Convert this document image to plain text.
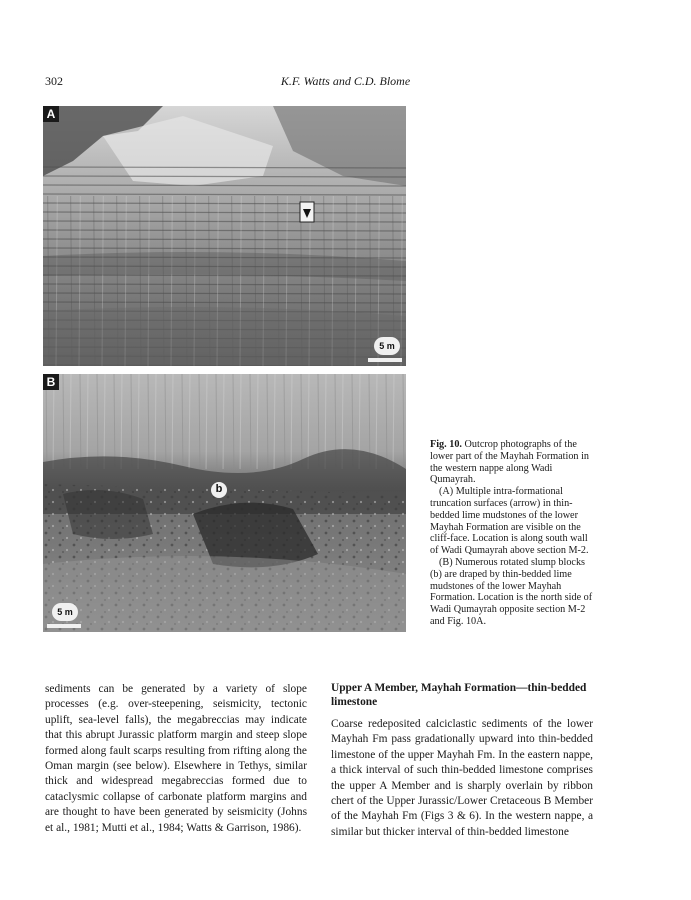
302	K.F. Watts and C.D. Blome
A
5 m
B
b
5 m

Fig. 10. Outcrop photographs of the lower part of the Mayhah Formation in the western nappe along Wadi Qumayrah.

(A) Multiple intra-formational truncation surfaces (arrow) in thin-bedded lime mudstones of the lower Mayhah Formation are visible on the cliff-face. Location is along south wall of Wadi Qumayrah above section M-2.

(B) Numerous rotated slump blocks (b) are draped by thin-bedded lime mudstones of the lower Mayhah Formation. Location is the north side of Wadi Qumayrah opposite section M-2 and Fig. 10A.

sediments can be generated by a variety of slope processes (e.g. over-steepening, seismicity, tectonic uplift, sea-level falls), the megabreccias may indicate that this abrupt Jurassic platform margin and steep slope formed along fault scarps resulting from rifting along the Oman margin (see below). Elsewhere in Tethys, similar thick and widespread megabreccias formed due to cataclysmic collapse of carbonate platform margins and are thought to have been generated by seismicity (Johns et al., 1981; Mutti et al., 1984; Watts & Garrison, 1986).

Upper A Member, Mayhah Formation—thin-bedded limestone

Coarse redeposited calciclastic sediments of the lower Mayhah Fm pass gradationally upward into thin-bedded limestone of the upper Mayhah Fm. In the eastern nappe, a thick interval of such thin-bedded limestone comprises the upper A Member and is sharply overlain by ribbon chert of the Upper Jurassic/Lower Cretaceous B Member of the Mayhah Fm (Figs 3 & 6). In the western nappe, a similar but thicker interval of thin-bedded limestone
